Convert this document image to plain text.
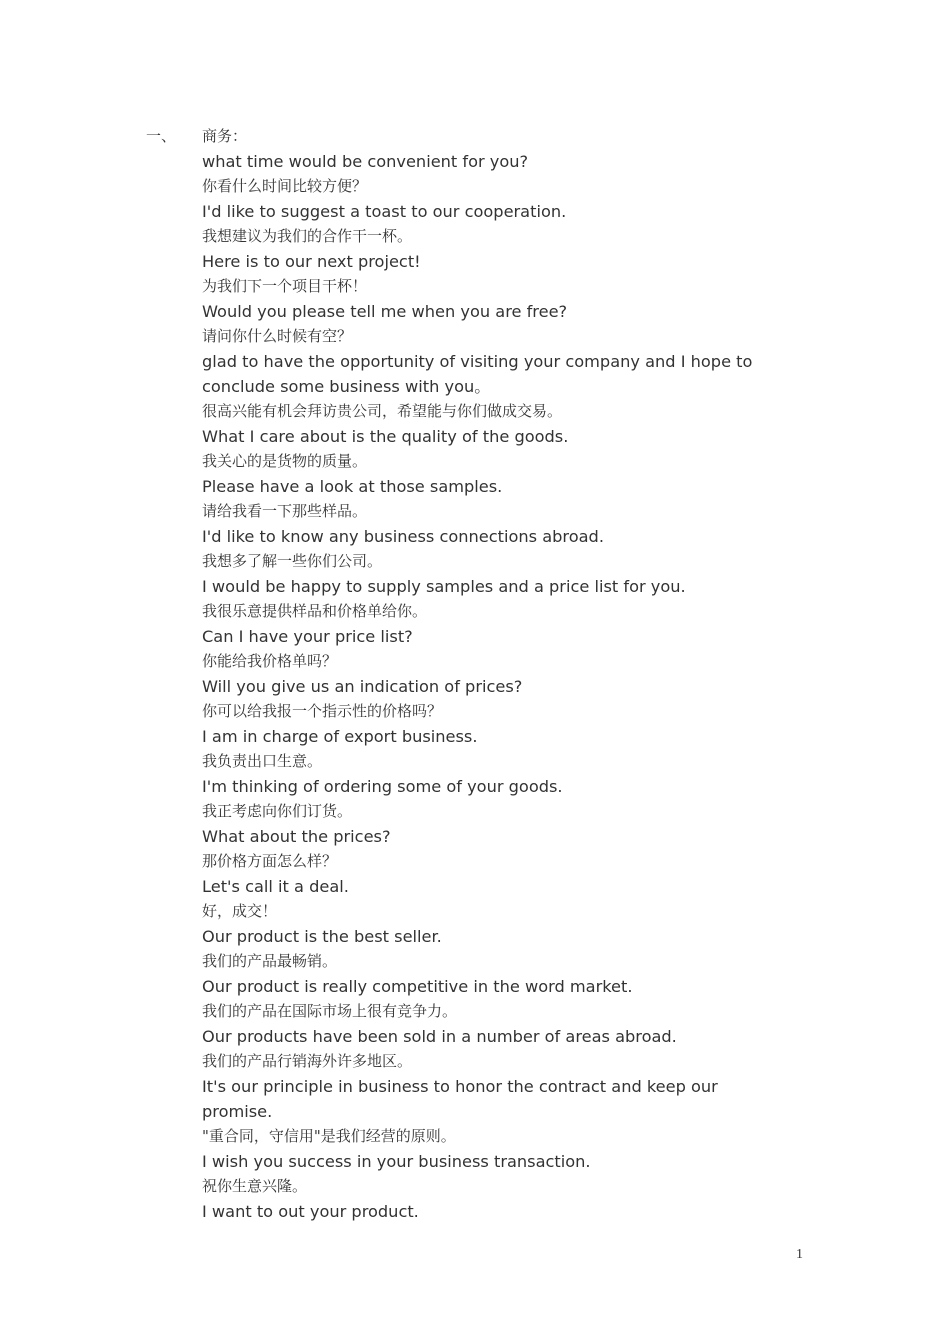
一、 商务：
what time would be convenient for you?
你看什么时间比较方便？
I'd like to suggest a toast to our cooperation.
我想建议为我们的合作干一杯。
Here is to our next project!
为我们下一个项目干杯！
Would you please tell me when you are free?
请问你什么时候有空？
glad to have the opportunity of visiting your company and I hope to
conclude some business with you。
很高兴能有机会拜访贵公司，希望能与你们做成交易。
What I care about is the quality of the goods.
我关心的是货物的质量。
Please have a look at those samples.
请给我看一下那些样品。
I'd like to know any business connections abroad.
我想多了解一些你们公司。
I would be happy to supply samples and a price list for you.
我很乐意提供样品和价格单给你。
Can I have your price list?
你能给我价格单吗？
Will you give us an indication of prices?
你可以给我报一个指示性的价格吗？
I am in charge of export business.
我负责出口生意。
I'm thinking of ordering some of your goods.
我正考虑向你们订货。
What about the prices?
那价格方面怎么样？
Let's call it a deal.
好，成交！
Our product is the best seller.
我们的产品最畅销。
Our product is really competitive in the word market.
我们的产品在国际市场上很有竞争力。
Our products have been sold in a number of areas abroad.
我们的产品行销海外许多地区。
It's our principle in business to honor the contract and keep our
promise.
"重合同，守信用"是我们经营的原则。
I wish you success in your business transaction.
祝你生意兴隆。
I want to out your product.
1
